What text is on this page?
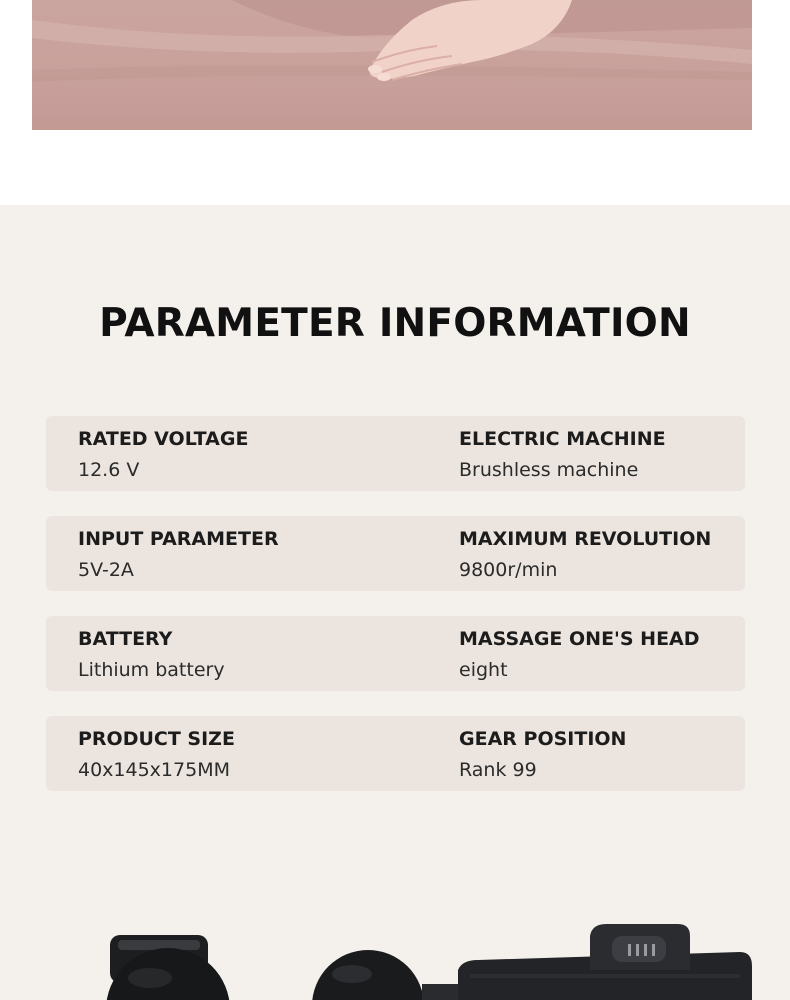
PARAMETER INFORMATION
RATED VOLTAGE
12.6 V
ELECTRIC MACHINE
Brushless machine
INPUT PARAMETER
5V-2A
MAXIMUM REVOLUTION
9800r/min
BATTERY
Lithium battery
MASSAGE ONE'S HEAD
eight
PRODUCT SIZE
40x145x175MM
GEAR POSITION
Rank 99
